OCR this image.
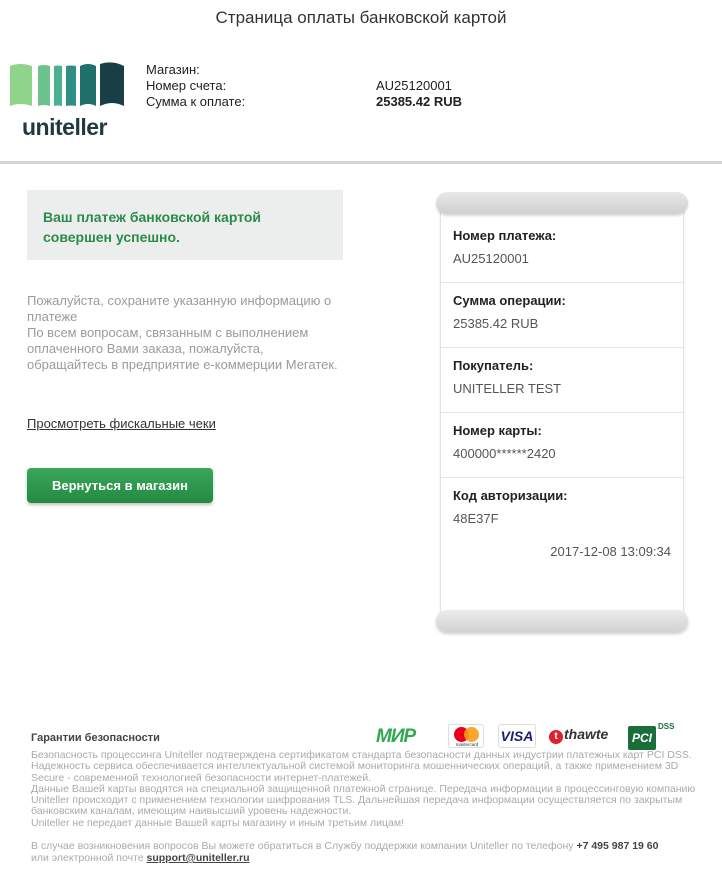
Страница оплаты банковской картой
uniteller
Магазин:
Номер счета:	AU25120001
Сумма к оплате:	25385.42 RUB
Ваш платеж банковской картой
совершен успешно.
Пожалуйста, сохраните указанную информацию о платеже
По всем вопросам, связанным с выполнением оплаченного Вами заказа, пожалуйста, обращайтесь в предприятие е-коммерции Мегатек.
Просмотреть фискальные чеки
Вернуться в магазин
Номер платежа:
AU25120001
Сумма операции:
25385.42 RUB
Покупатель:
UNITELLER TEST
Номер карты:
400000******2420
Код авторизации:
48E37F
2017-12-08 13:09:34
Гарантии безопасности	МИР	mastercard
VISA	t thawte	PCI
DSS
Безопасность процессинга Uniteller подтверждена сертификатом стандарта безопасности данных индустрии платежных карт PCI DSS. Надежность сервиса обеспечивается интеллектуальной системой мониторинга мошеннических операций, а также применением 3D Secure - современной технологией безопасности интернет-платежей.
Данные Вашей карты вводятся на специальной защищенной платежной странице. Передача информации в процессинговую компанию Uniteller происходит с применением технологии шифрования TLS. Дальнейшая передача информации осуществляется по закрытым банковским каналам, имеющим наивысший уровень надежности.
Uniteller не передает данные Вашей карты магазину и иным третьим лицам!
В случае возникновения вопросов Вы можете обратиться в Службу поддержки компании Uniteller по телефону +7 495 987 19 60
или электронной почте support@uniteller.ru
